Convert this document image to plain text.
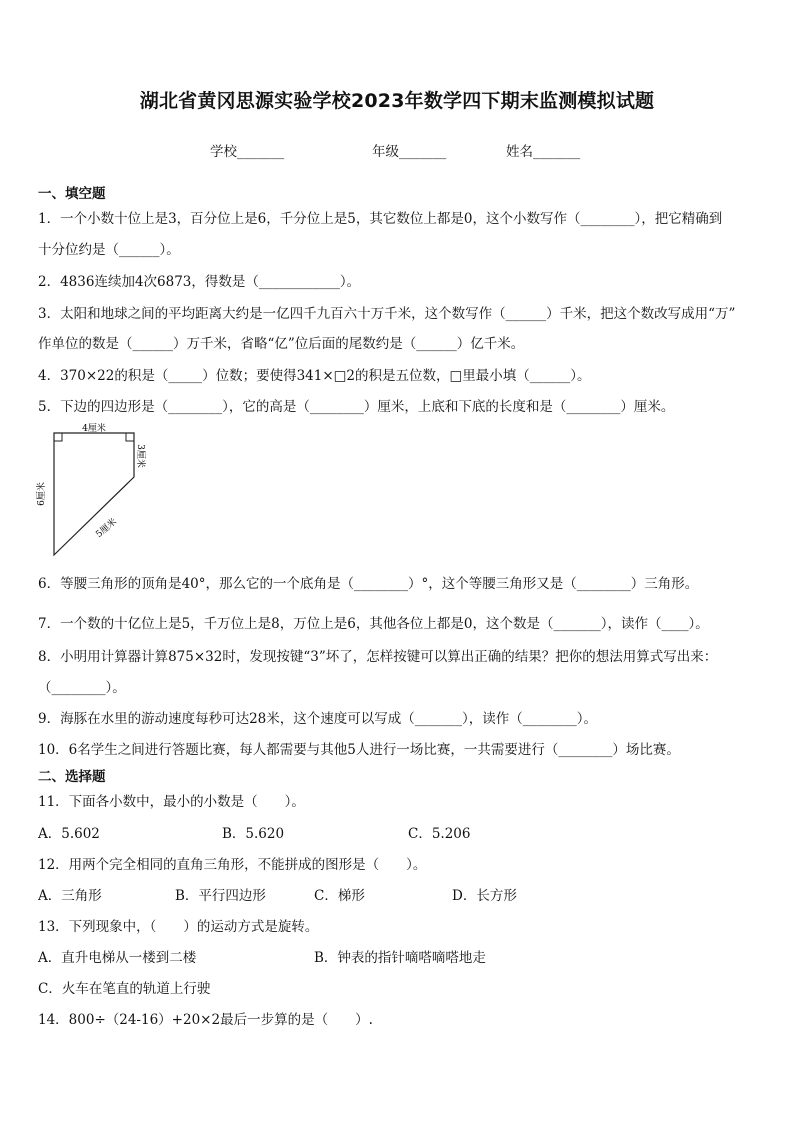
湖北省黄冈思源实验学校2023年数学四下期末监测模拟试题
学校_______	年级_______	姓名_______
一、填空题
1．一个小数十位上是3，百分位上是6，千分位上是5，其它数位上都是0，这个小数写作（________），把它精确到
十分位约是（______）。
2．4836连续加4次6873，得数是（____________）。
3．太阳和地球之间的平均距离大约是一亿四千九百六十万千米，这个数写作（______）千米，把这个数改写成用“万”
作单位的数是（______）万千米，省略“亿”位后面的尾数约是（______）亿千米。
4．370×22的积是（_____）位数；要使得341×□2的积是五位数，□里最小填（______）。
5．下边的四边形是（________），它的高是（________）厘米，上底和下底的长度和是（________）厘米。
4厘米
3厘米
6厘米
5厘米
6．等腰三角形的顶角是40°，那么它的一个底角是（________）°，这个等腰三角形又是（________）三角形。
7．一个数的十亿位上是5，千万位上是8，万位上是6，其他各位上都是0，这个数是（_______），读作（____）。
8．小明用计算器计算875×32时，发现按键“3”坏了，怎样按键可以算出正确的结果？把你的想法用算式写出来：
（________）。
9．海豚在水里的游动速度每秒可达28米，这个速度可以写成（_______），读作（________）。
10．6名学生之间进行答题比赛，每人都需要与其他5人进行一场比赛，一共需要进行（________）场比赛。
二、选择题
11．下面各小数中，最小的小数是（　　）。
A．5.602	B．5.620	C．5.206
12．用两个完全相同的直角三角形，不能拼成的图形是（　　）。
A．三角形	B．平行四边形	C．梯形	D．长方形
13．下列现象中，（　　）的运动方式是旋转。
A．直升电梯从一楼到二楼	B．钟表的指针嘀嗒嘀嗒地走
C．火车在笔直的轨道上行驶
14．800÷（24-16）+20×2最后一步算的是（　　）.
